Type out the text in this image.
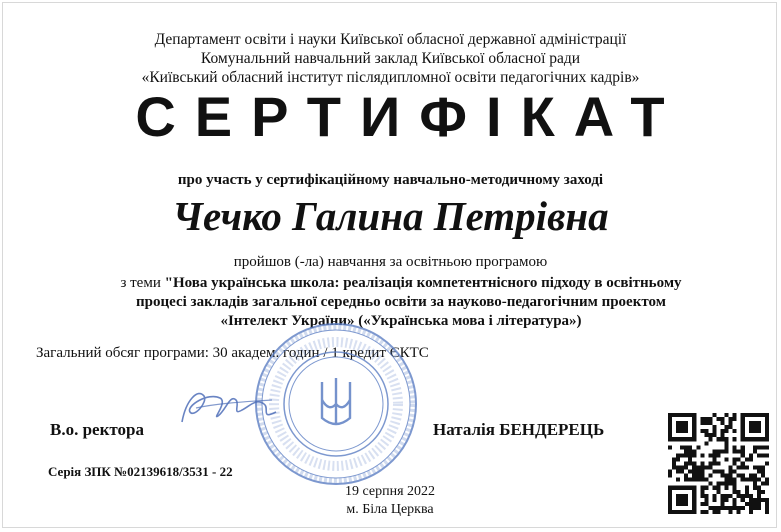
Департамент освіти і науки Київської обласної державної адміністрації
Комунальний навчальний заклад Київської обласної ради
«Київський обласний інститут післядипломної освіти педагогічних кадрів»
СЕРТИФІКАТ
про участь у сертифікаційному навчально-методичному заході
Чечко Галина Петрівна
пройшов (-ла) навчання за освітньою програмою
з теми "Нова українська школа: реалізація компетентнісного підходу в освітньому
процесі закладів загальної середньо освіти за науково-педагогічним проектом
«Інтелект України» («Українська мова і література»)
Загальний обсяг програми: 30 академ. годин / 1 кредит ЄКТС
В.о. ректора	Наталія БЕНДЕРЕЦЬ
Серія ЗПК №02139618/3531 - 22
19 серпня 2022
м. Біла Церква
